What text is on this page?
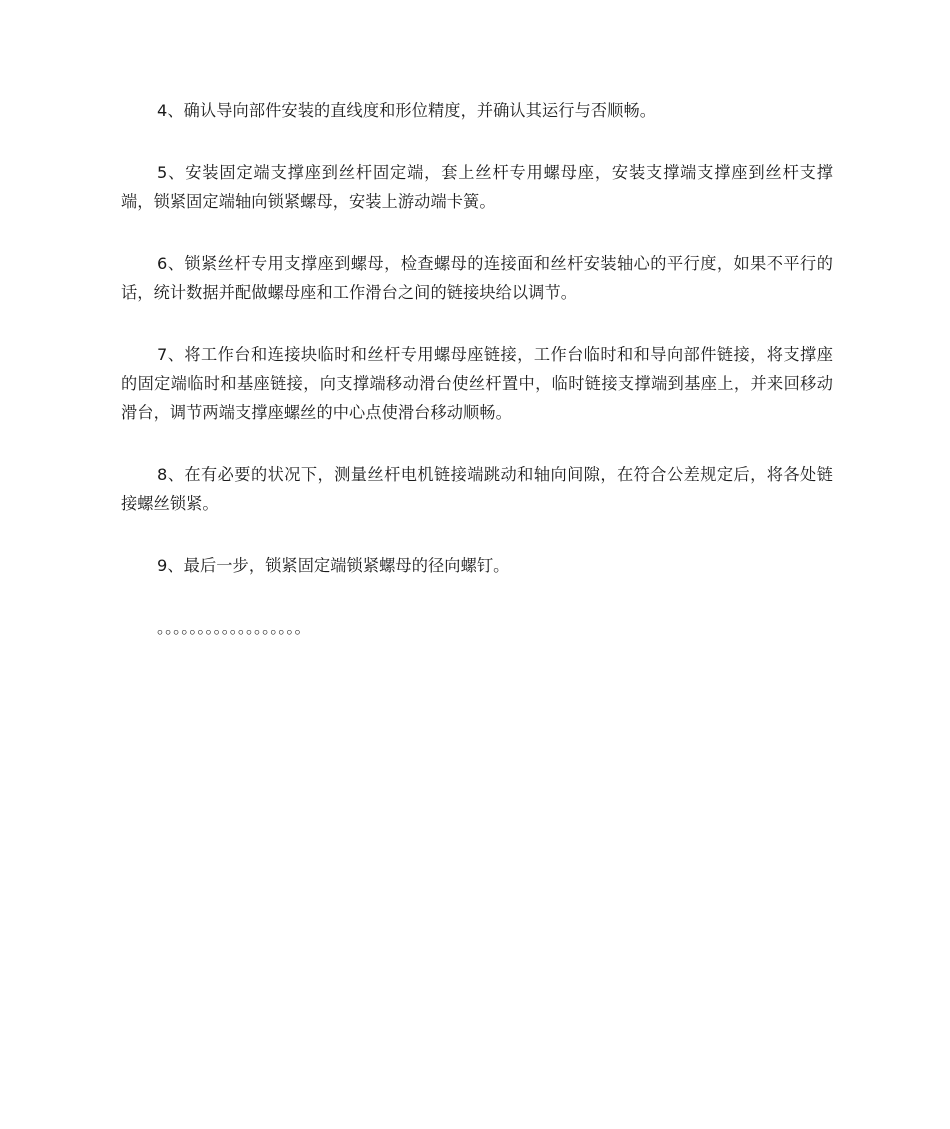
4、确认导向部件安装的直线度和形位精度，并确认其运行与否顺畅。

5、安装固定端支撑座到丝杆固定端，套上丝杆专用螺母座，安装支撑端支撑座到丝杆支撑端，锁紧固定端轴向锁紧螺母，安装上游动端卡簧。

6、锁紧丝杆专用支撑座到螺母，检查螺母的连接面和丝杆安装轴心的平行度，如果不平行的话，统计数据并配做螺母座和工作滑台之间的链接块给以调节。

7、将工作台和连接块临时和丝杆专用螺母座链接，工作台临时和和导向部件链接，将支撑座的固定端临时和基座链接，向支撑端移动滑台使丝杆置中，临时链接支撑端到基座上，并来回移动滑台，调节两端支撑座螺丝的中心点使滑台移动顺畅。

8、在有必要的状况下，测量丝杆电机链接端跳动和轴向间隙，在符合公差规定后，将各处链接螺丝锁紧。

9、最后一步，锁紧固定端锁紧螺母的径向螺钉。

。。。。。。。。。。。。。。。。。。
